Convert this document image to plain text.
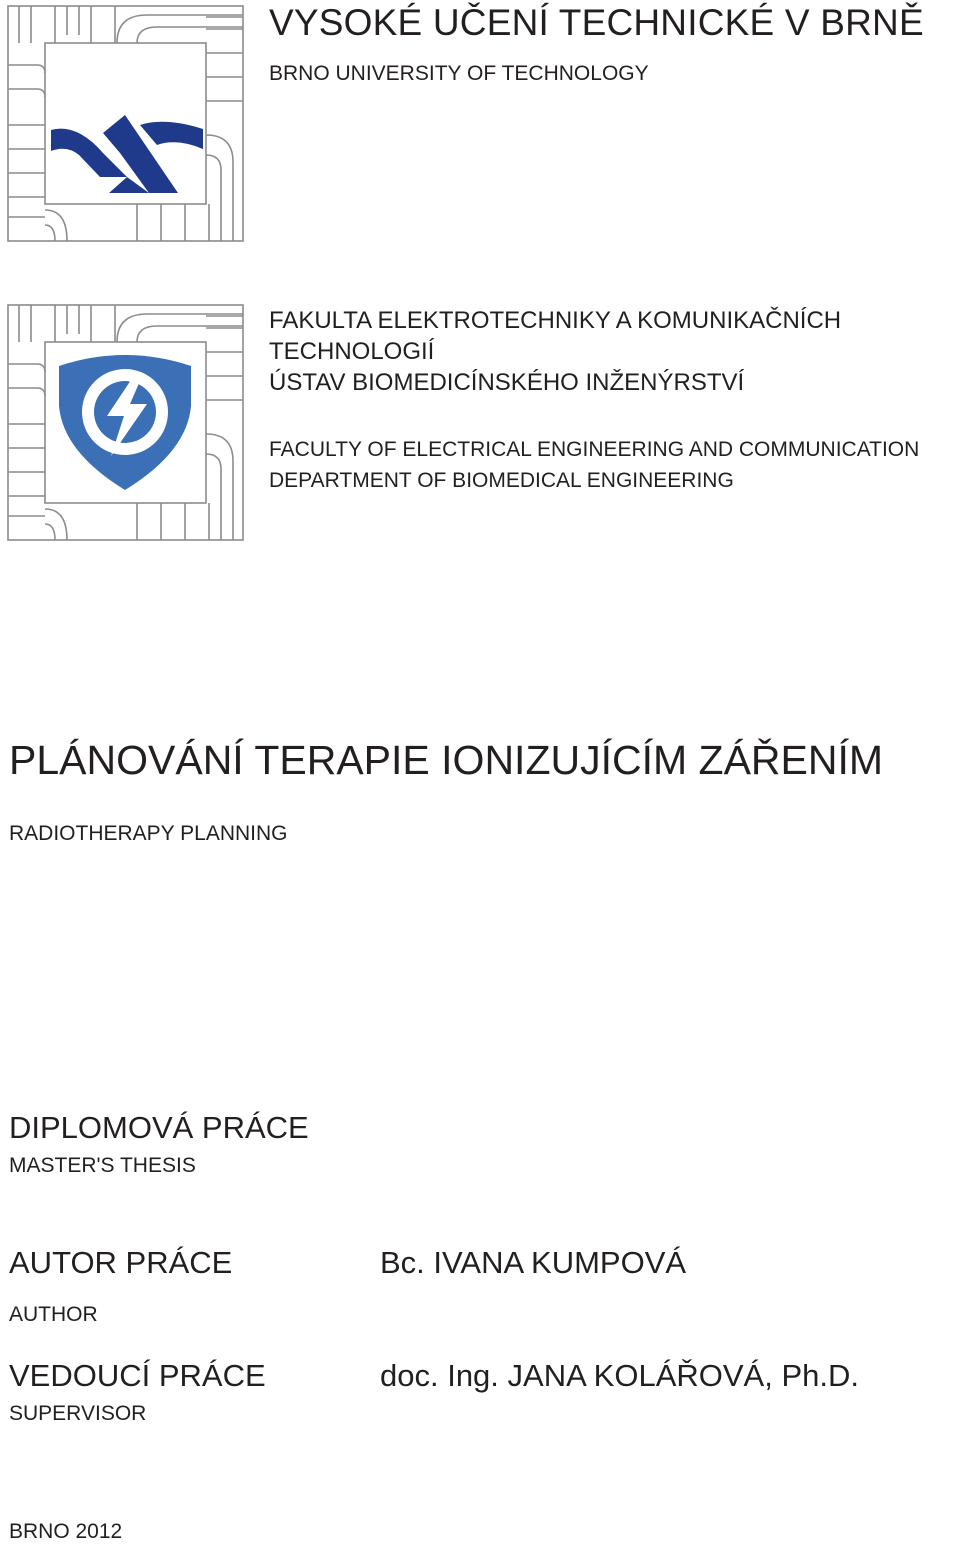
VYSOKÉ UČENÍ TECHNICKÉ V BRNĚ
BRNO UNIVERSITY OF TECHNOLOGY
FAKULTA ELEKTROTECHNIKY A KOMUNIKAČNÍCH
TECHNOLOGIÍ
ÚSTAV BIOMEDICÍNSKÉHO INŽENÝRSTVÍ
FACULTY OF ELECTRICAL ENGINEERING AND COMMUNICATION
DEPARTMENT OF BIOMEDICAL ENGINEERING
PLÁNOVÁNÍ TERAPIE IONIZUJÍCÍM ZÁŘENÍM
RADIOTHERAPY PLANNING
DIPLOMOVÁ PRÁCE
MASTER'S THESIS
AUTOR PRÁCE
AUTHOR
Bc. IVANA KUMPOVÁ
VEDOUCÍ PRÁCE
SUPERVISOR
doc. Ing. JANA KOLÁŘOVÁ, Ph.D.
BRNO 2012
